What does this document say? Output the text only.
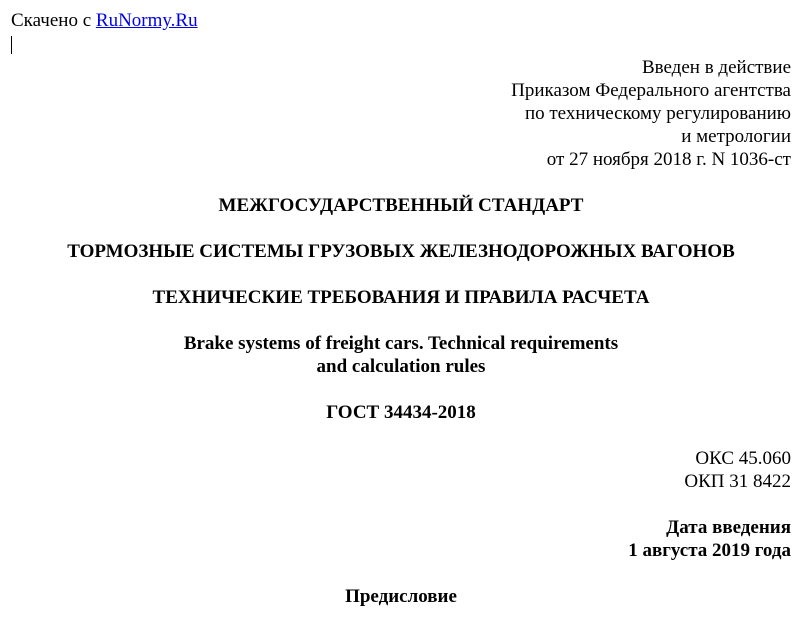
Скачено с RuNormy.Ru
Введен в действие
Приказом Федерального агентства
по техническому регулированию
и метрологии
от 27 ноября 2018 г. N 1036-ст
МЕЖГОСУДАРСТВЕННЫЙ СТАНДАРТ
ТОРМОЗНЫЕ СИСТЕМЫ ГРУЗОВЫХ ЖЕЛЕЗНОДОРОЖНЫХ ВАГОНОВ
ТЕХНИЧЕСКИЕ ТРЕБОВАНИЯ И ПРАВИЛА РАСЧЕТА
Brake systems of freight cars. Technical requirements
and calculation rules
ГОСТ 34434-2018
ОКС 45.060
ОКП 31 8422
Дата введения
1 августа 2019 года
Предисловие
